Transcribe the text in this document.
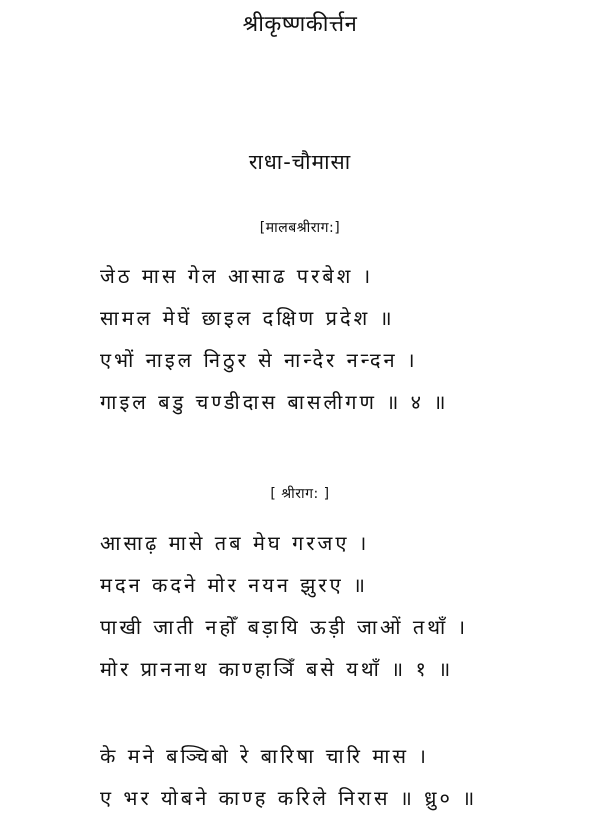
श्रीकृष्णकीर्त्तन
राधा-चौमासा
[मालबश्रीराग:]
जेठ मास गेल आसाढ परबेश ।
सामल मेघें छाइल दक्षिण प्रदेश ॥
एभों नाइल निठुर से नान्देर नन्दन ।
गाइल बडु चण्डीदास बासलीगण ॥ ४ ॥
[ श्रीराग: ]
आसाढ़ मासे तब मेघ गरजए ।
मदन कदने मोर नयन झुरए ॥
पाखी जाती नहोँ बड़ायि ऊड़ी जाओं तथाँ ।
मोर प्राननाथ काण्हाञिँ बसे यथाँ ॥ १ ॥
के मने बञ्चिबो रे बारिषा चारि मास ।
ए भर योबने काण्ह करिले निरास ॥ ध्रु० ॥
